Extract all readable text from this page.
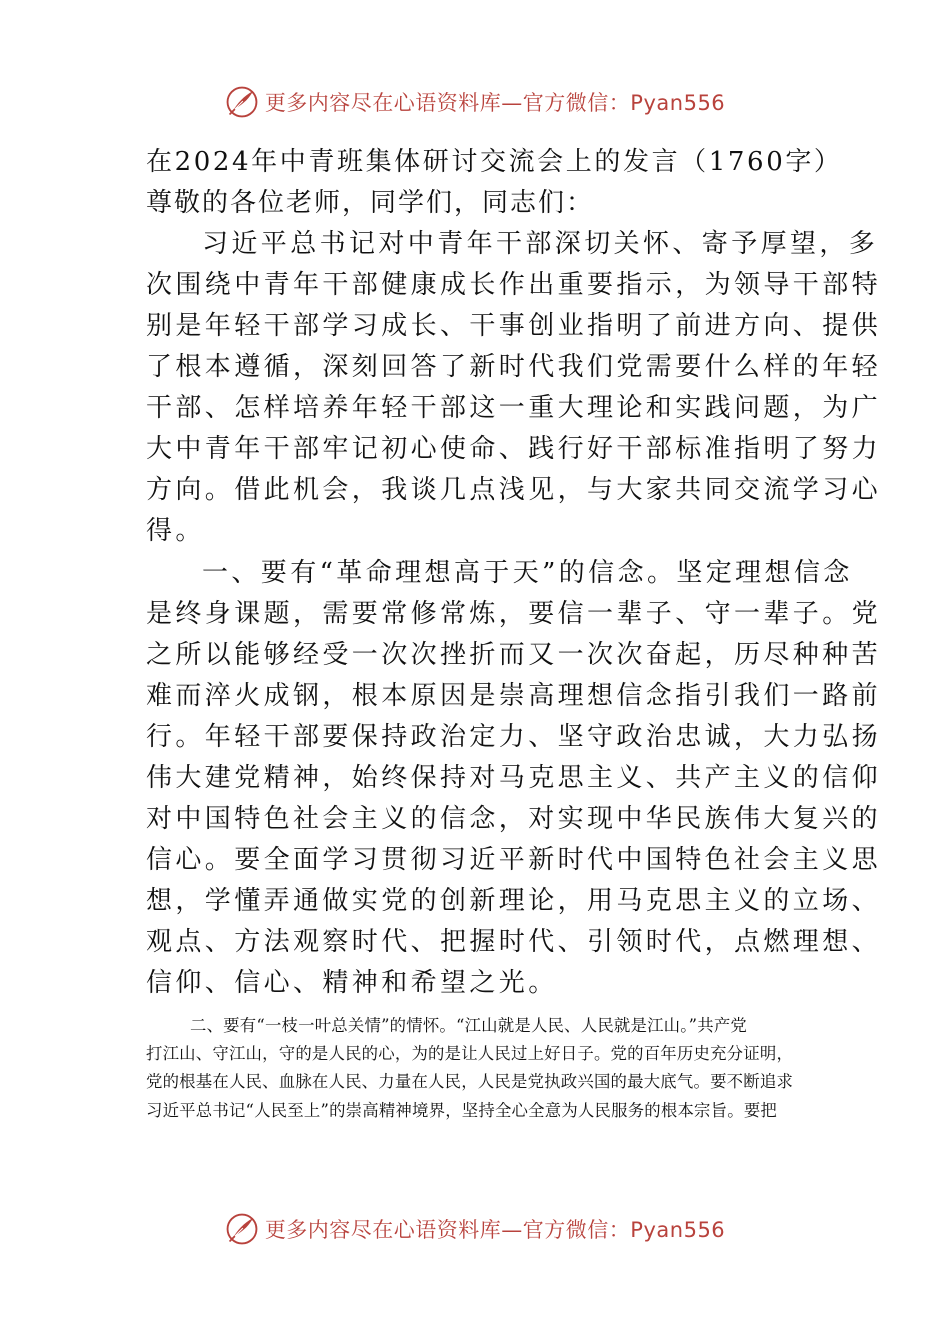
更多内容尽在心语资料库—官方微信：Pyan556
在2024年中青班集体研讨交流会上的发言（1760字）
尊敬的各位老师，同学们，同志们：
习近平总书记对中青年干部深切关怀、寄予厚望，多
次围绕中青年干部健康成长作出重要指示，为领导干部特
别是年轻干部学习成长、干事创业指明了前进方向、提供
了根本遵循，深刻回答了新时代我们党需要什么样的年轻
干部、怎样培养年轻干部这一重大理论和实践问题，为广
大中青年干部牢记初心使命、践行好干部标准指明了努力
方向。借此机会，我谈几点浅见，与大家共同交流学习心
得。
一、要有“革命理想高于天”的信念。坚定理想信念
是终身课题，需要常修常炼，要信一辈子、守一辈子。党
之所以能够经受一次次挫折而又一次次奋起，历尽种种苦
难而淬火成钢，根本原因是崇高理想信念指引我们一路前
行。年轻干部要保持政治定力、坚守政治忠诚，大力弘扬
伟大建党精神，始终保持对马克思主义、共产主义的信仰
对中国特色社会主义的信念，对实现中华民族伟大复兴的
信心。要全面学习贯彻习近平新时代中国特色社会主义思
想，学懂弄通做实党的创新理论，用马克思主义的立场、
观点、方法观察时代、把握时代、引领时代，点燃理想、
信仰、信心、精神和希望之光。
二、要有“一枝一叶总关情”的情怀。“江山就是人民、人民就是江山。”共产党
打江山、守江山，守的是人民的心，为的是让人民过上好日子。党的百年历史充分证明，
党的根基在人民、血脉在人民、力量在人民，人民是党执政兴国的最大底气。要不断追求
习近平总书记“人民至上”的崇高精神境界，坚持全心全意为人民服务的根本宗旨。要把
更多内容尽在心语资料库—官方微信：Pyan556
